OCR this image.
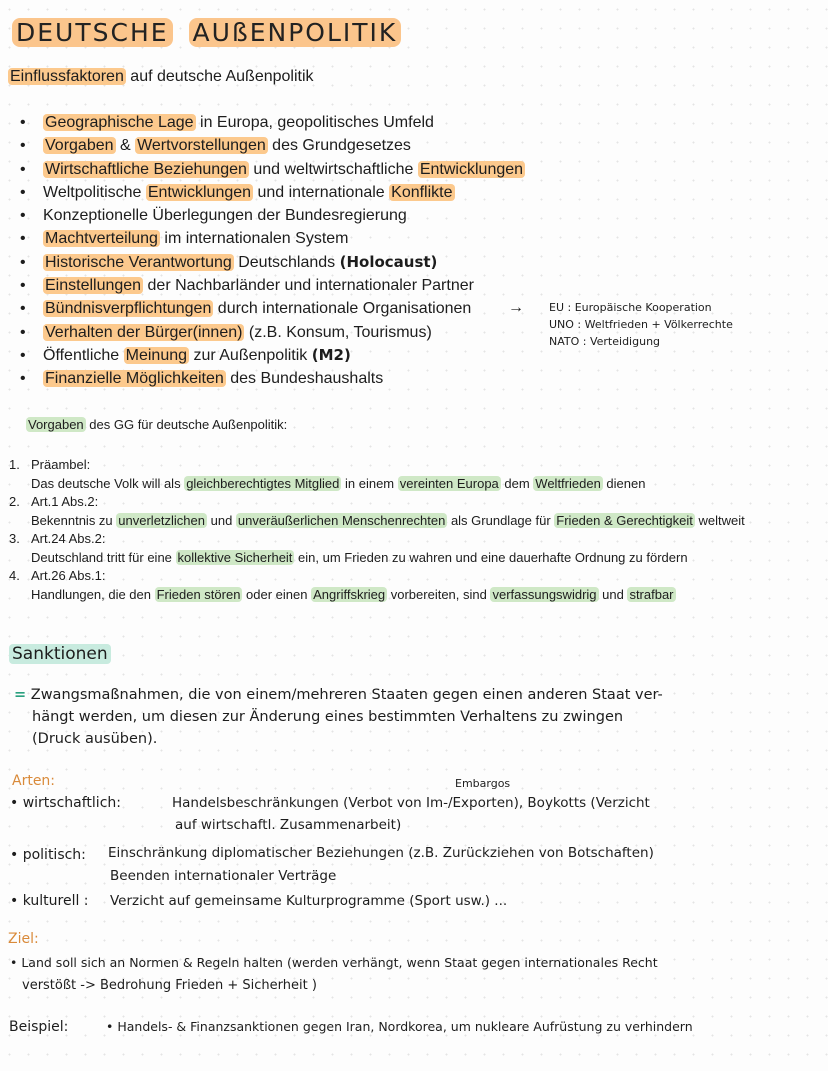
DEUTSCHE AUßENPOLITIK
Einflussfaktoren auf deutsche Außenpolitik
• Geographische Lage in Europa, geopolitisches Umfeld
• Vorgaben & Wertvorstellungen des Grundgesetzes
• Wirtschaftliche Beziehungen und weltwirtschaftliche Entwicklungen
• Weltpolitische Entwicklungen und internationale Konflikte
• Konzeptionelle Überlegungen der Bundesregierung
• Machtverteilung im internationalen System
• Historische Verantwortung Deutschlands (Holocaust)
• Einstellungen der Nachbarländer und internationaler Partner
• Bündnisverpflichtungen durch internationale Organisationen
• Verhalten der Bürger(innen) (z.B. Konsum, Tourismus)
• Öffentliche Meinung zur Außenpolitik (M2)
• Finanzielle Möglichkeiten des Bundeshaushalts
→ EU : Europäische Kooperation
UNO : Weltfrieden + Völkerrechte
NATO : Verteidigung
Vorgaben des GG für deutsche Außenpolitik:
1. Präambel:
Das deutsche Volk will als gleichberechtigtes Mitglied in einem vereinten Europa dem Weltfrieden dienen
2. Art.1 Abs.2:
Bekenntnis zu unverletzlichen und unveräußerlichen Menschenrechten als Grundlage für Frieden & Gerechtigkeit weltweit
3. Art.24 Abs.2:
Deutschland tritt für eine kollektive Sicherheit ein, um Frieden zu wahren und eine dauerhafte Ordnung zu fördern
4. Art.26 Abs.1:
Handlungen, die den Frieden stören oder einen Angriffskrieg vorbereiten, sind verfassungswidrig und strafbar
Sanktionen
= Zwangsmaßnahmen, die von einem/mehreren Staaten gegen einen anderen Staat ver-
hängt werden, um diesen zur Änderung eines bestimmten Verhaltens zu zwingen
(Druck ausüben).
Arten:	Embargos
• wirtschaftlich:	Handelsbeschränkungen (Verbot von Im-/Exporten), Boykotts (Verzicht
auf wirtschaftl. Zusammenarbeit)
• politisch: Einschränkung diplomatischer Beziehungen (z.B. Zurückziehen von Botschaften)
Beenden internationaler Verträge
• kulturell : Verzicht auf gemeinsame Kulturprogramme (Sport usw.) ...
Ziel:
• Land soll sich an Normen & Regeln halten (werden verhängt, wenn Staat gegen internationales Recht
verstößt -> Bedrohung Frieden + Sicherheit )
Beispiel:	• Handels- & Finanzsanktionen gegen Iran, Nordkorea, um nukleare Aufrüstung zu verhindern
